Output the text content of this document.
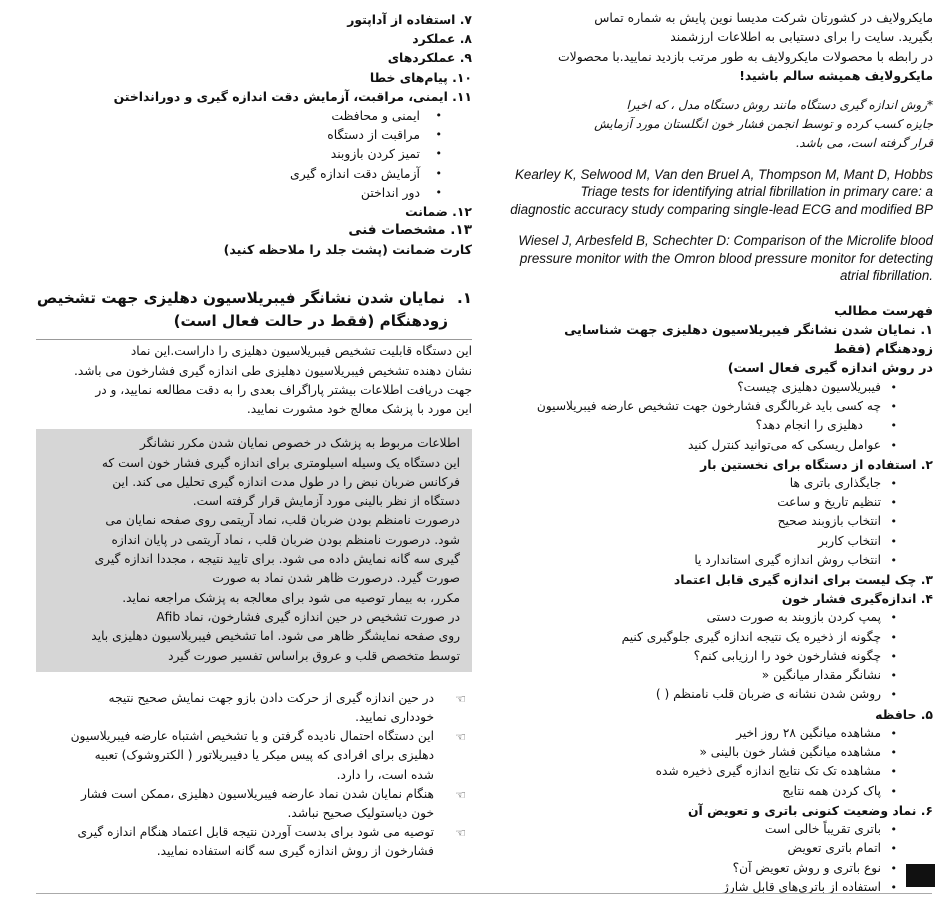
مایکرولایف در کشورتان شرکت مدیسا نوین پایش به شماره تماس
بگیرید. سایت را برای دستیابی به اطلاعات ارزشمند
در رابطه با محصولات مایکرولایف به طور مرتب بازدید نمایید.با محصولات
مایکرولایف همیشه سالم باشید!
*روش اندازه گیری دستگاه مانند روش دستگاه مدل ، که اخیرا
جایزه کسب کرده و توسط انجمن فشار خون انگلستان مورد آزمایش
قرار گرفته است، می باشد.
Kearley K, Selwood M, Van den Bruel A, Thompson M, Mant D, Hobbs
Triage tests for identifying atrial fibrillation in primary care: a
diagnostic accuracy study comparing single-lead ECG and modified BP
Wiesel J, Arbesfeld B, Schechter D: Comparison of the Microlife blood
pressure monitor with the Omron blood pressure monitor for detecting
atrial fibrillation.
فهرست مطالب
۱. نمایان شدن نشانگر فیبریلاسیون دهلیزی جهت شناسایی زودهنگام (فقط
در روش اندازه گیری فعال است)
• فیبریلاسیون دهلیزی چیست؟
• چه کسی باید غربالگری فشارخون جهت تشخیص عارضه فیبریلاسیون
• دهلیزی را انجام دهد؟
• عوامل ریسکی که می‌توانید کنترل کنید
۲. استفاده از دستگاه برای نخستین بار
• جایگذاری باتری ها
• تنظیم تاریخ و ساعت
• انتخاب بازوبند صحیح
• انتخاب کاربر
• انتخاب روش اندازه گیری استاندارد یا
۳. چک لیست برای اندازه گیری قابل اعتماد
۴. اندازه‌گیری فشار خون
• پمپ کردن بازوبند به صورت دستی
• چگونه از ذخیره یک نتیجه اندازه گیری جلوگیری کنیم
• چگونه فشارخون خود را ارزیابی کنم؟
• نشانگر مقدار میانگین «
• روشن شدن نشانه ی ضربان قلب نامنظم ( )
۵. حافظه
• مشاهده میانگین ۲۸ روز اخیر
• مشاهده میانگین فشار خون بالینی «
• مشاهده تک تک نتایج اندازه گیری ذخیره شده
• پاک کردن همه نتایج
۶. نماد وضعیت کنونی باتری و تعویض آن
• باتری تقریباً خالی است
• اتمام باتری تعویض
• نوع باتری و روش تعویض آن؟
• استفاده از باتری‌های قابل شارژ
۷. استفاده از آداپتور
۸. عملکرد
۹. عملکردهای
۱۰. پیام‌های خطا
۱۱. ایمنی، مراقبت، آزمایش دقت اندازه گیری و دورانداختن
• ایمنی و محافظت
• مراقبت از دستگاه
• تمیز کردن بازوبند
• آزمایش دقت اندازه گیری
• دور انداختن
۱۲. ضمانت
۱۳. مشخصات فنی
کارت ضمانت (پشت جلد را ملاحظه کنید)
۱.نمایان شدن نشانگر فیبریلاسیون دهلیزی جهت تشخیص
زودهنگام (فقط در حالت فعال است)
این دستگاه قابلیت تشخیص فیبریلاسیون دهلیزی را داراست.این نماد
نشان دهنده تشخیص فیبریلاسیون دهلیزی طی اندازه گیری فشارخون می باشد.
جهت دریافت اطلاعات بیشتر پاراگراف بعدی را به دقت مطالعه نمایید، و در
این مورد با پزشک معالج خود مشورت نمایید.
اطلاعات مربوط به پزشک در خصوص نمایان شدن مکرر نشانگر
این دستگاه یک وسیله اسیلومتری برای اندازه گیری فشار خون است که
فرکانس ضربان نبض را در طول مدت اندازه گیری تحلیل می کند. این
دستگاه از نظر بالینی مورد آزمایش قرار گرفته است.
درصورت نامنظم بودن ضربان قلب، نماد آریتمی روی صفحه نمایان می
شود. درصورت نامنظم بودن ضربان قلب ، نماد آریتمی در پایان اندازه
گیری سه گانه نمایش داده می شود. برای تایید نتیجه ، مجددا اندازه گیری
صورت گیرد. درصورت ظاهر شدن نماد به صورت
مکرر، به بیمار توصیه می شود برای معالجه به پزشک مراجعه نماید.
در صورت تشخیص در حین اندازه گیری فشارخون، نماد Afib
روی صفحه نمایشگر ظاهر می شود. اما تشخیص فیبریلاسیون دهلیزی باید
توسط متخصص قلب و عروق براساس تفسیر صورت گیرد
☜
در حین اندازه گیری از حرکت دادن بازو جهت نمایش صحیح نتیجه
خودداری نمایید.
☜
این دستگاه احتمال نادیده گرفتن و یا تشخیص اشتباه عارضه فیبریلاسیون
دهلیزی برای افرادی که پیس میکر یا دفیبریلاتور ( الکتروشوک) تعبیه
شده است، را دارد.
☜
هنگام نمایان شدن نماد عارضه فیبریلاسیون دهلیزی ،ممکن است فشار
خون دیاستولیک صحیح نباشد.
☜
توصیه می شود برای بدست آوردن نتیجه قابل اعتماد هنگام اندازه گیری
فشارخون از روش اندازه گیری سه گانه استفاده نمایید.
